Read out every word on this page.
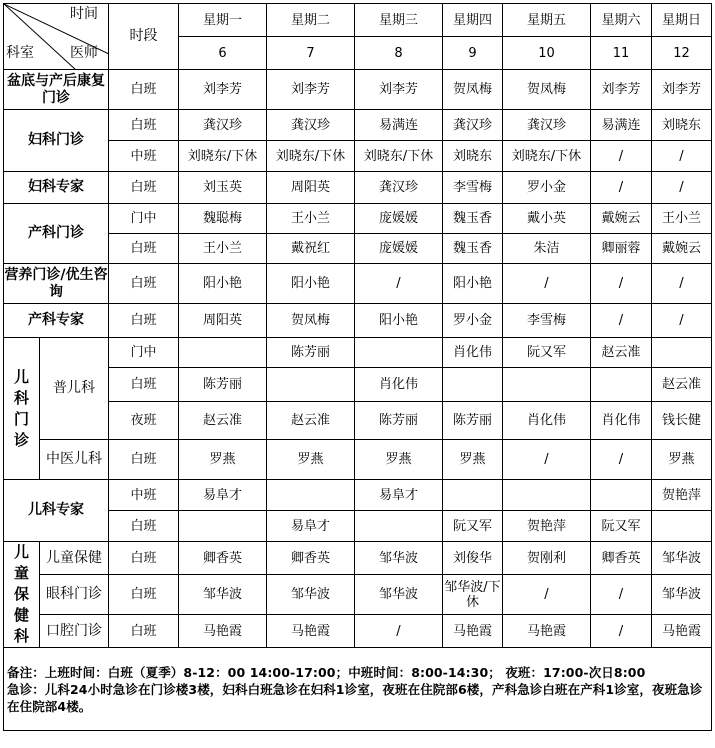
时间
科室 医师		时段	星期一	星期二	星期三	星期四	星期五	星期六	星期日
			6	7	8	9	10	11	12
盆底与产后康复门诊		白班	刘李芳	刘李芳	刘李芳	贺凤梅	贺凤梅	刘李芳	刘李芳
妇科门诊		白班	龚汉珍	龚汉珍	易满连	龚汉珍	龚汉珍	易满连	刘晓东
		中班	刘晓东/下休	刘晓东/下休	刘晓东/下休	刘晓东	刘晓东/下休	/	/
妇科专家		白班	刘玉英	周阳英	龚汉珍	李雪梅	罗小金	/	/
产科门诊		门中	魏聪梅	王小兰	庞媛媛	魏玉香	戴小英	戴婉云	王小兰
		白班	王小兰	戴祝红	庞媛媛	魏玉香	朱洁	卿丽蓉	戴婉云
营养门诊/优生咨询		白班	阳小艳	阳小艳	/	阳小艳	/	/	/
产科专家		白班	周阳英	贺凤梅	阳小艳	罗小金	李雪梅	/	/

儿科门诊	普儿科	门中		陈芳丽		肖化伟	阮又军	赵云准	
		白班	陈芳丽		肖化伟				赵云准
		夜班	赵云准	赵云准	陈芳丽	陈芳丽	肖化伟	肖化伟	钱长健
	中医儿科	白班	罗燕	罗燕	罗燕	罗燕	/	/	罗燕
儿科专家		中班	易阜才		易阜才				贺艳萍
		白班		易阜才		阮又军	贺艳萍	阮又军	

儿童保健科	儿童保健	白班	卿香英	卿香英	邹华波	刘俊华	贺刚利	卿香英	邹华波
	眼科门诊	白班	邹华波	邹华波	邹华波	邹华波/下休	/	/	邹华波
	口腔门诊	白班	马艳霞	马艳霞	/	马艳霞	马艳霞	/	马艳霞

备注：上班时间：白班（夏季）8-12：00 14:00-17:00；中班时间：8:00-14:30； 夜班：17:00-次日8:00
急诊：儿科24小时急诊在门诊楼3楼，妇科白班急诊在妇科1诊室，夜班在住院部6楼，产科急诊白班在产科1诊室，夜班急诊在住院部4楼。									
